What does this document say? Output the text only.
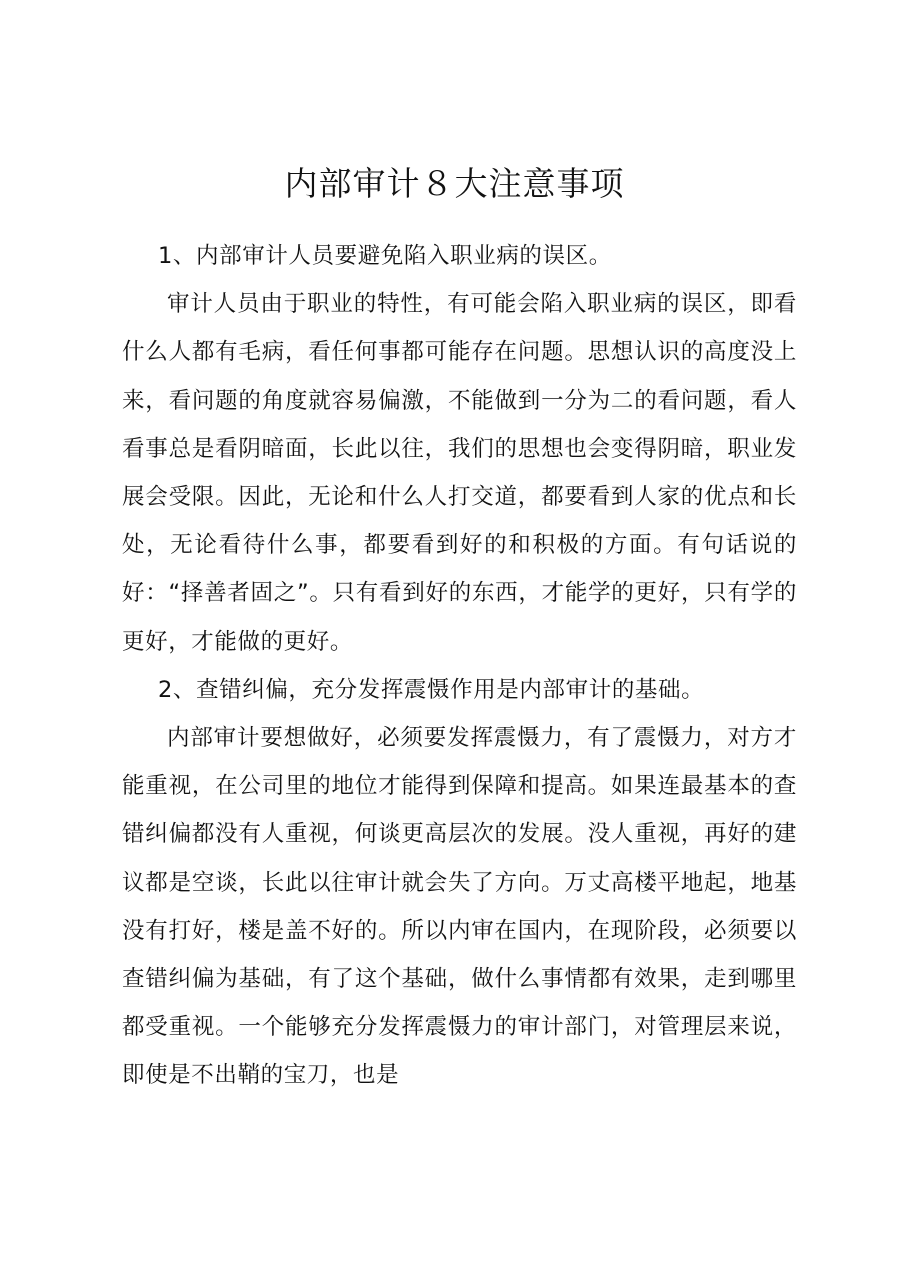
内部审计８大注意事项

1、内部审计人员要避免陷入职业病的误区。

审计人员由于职业的特性，有可能会陷入职业病的误区，即看什么人都有毛病，看任何事都可能存在问题。思想认识的高度没上来，看问题的角度就容易偏激，不能做到一分为二的看问题，看人看事总是看阴暗面，长此以往，我们的思想也会变得阴暗，职业发展会受限。因此，无论和什么人打交道，都要看到人家的优点和长处，无论看待什么事，都要看到好的和积极的方面。有句话说的好：“择善者固之”。只有看到好的东西，才能学的更好，只有学的更好，才能做的更好。

2、查错纠偏，充分发挥震慑作用是内部审计的基础。

内部审计要想做好，必须要发挥震慑力，有了震慑力，对方才能重视，在公司里的地位才能得到保障和提高。如果连最基本的查错纠偏都没有人重视，何谈更高层次的发展。没人重视，再好的建议都是空谈，长此以往审计就会失了方向。万丈高楼平地起，地基没有打好，楼是盖不好的。所以内审在国内，在现阶段，必须要以查错纠偏为基础，有了这个基础，做什么事情都有效果，走到哪里都受重视。一个能够充分发挥震慑力的审计部门，对管理层来说，即使是不出鞘的宝刀，也是
